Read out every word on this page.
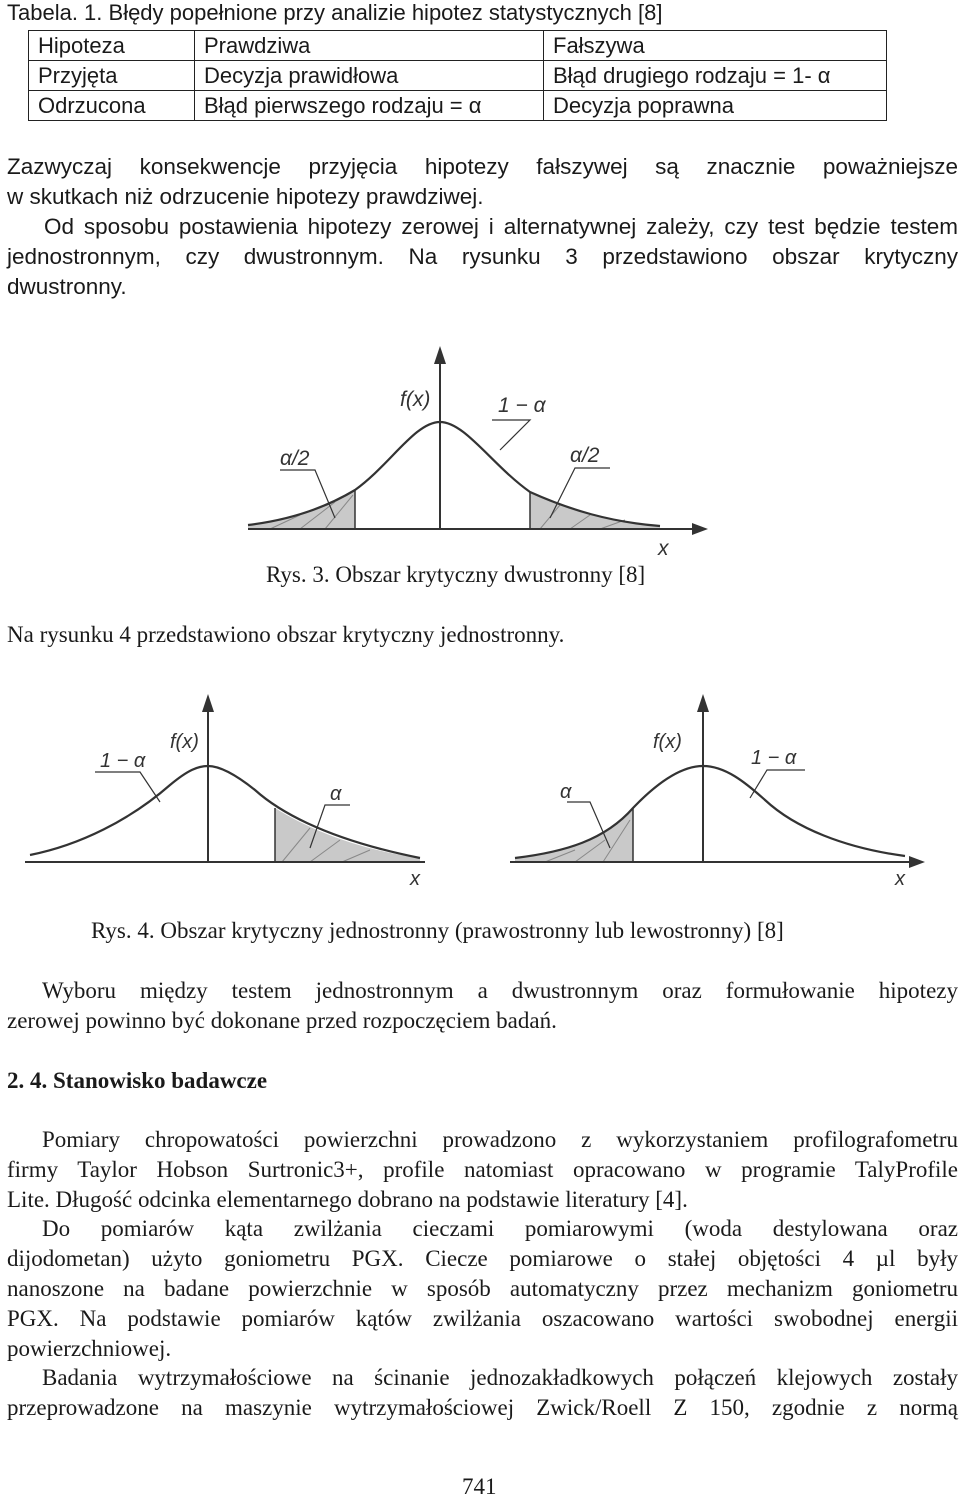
Tabela. 1. Błędy popełnione przy analizie hipotez statystycznych [8]
Hipoteza	Prawdziwa	Fałszywa
Przyjęta	Decyzja prawidłowa	Błąd drugiego rodzaju = 1- α
Odrzucona	Błąd pierwszego rodzaju = α	Decyzja poprawna
Zazwyczaj konsekwencje przyjęcia hipotezy fałszywej są znacznie poważniejsze
w skutkach niż odrzucenie hipotezy prawdziwej.
Od sposobu postawienia hipotezy zerowej i alternatywnej zależy, czy test będzie testem
jednostronnym, czy dwustronnym. Na rysunku 3 przedstawiono obszar krytyczny
dwustronny.
f(x)	1 − α
α/2	α/2
x
Rys. 3. Obszar krytyczny dwustronny [8]
Na rysunku 4 przedstawiono obszar krytyczny jednostronny.
1 − α
f(x)
α
x
f(x)
1 − α
α
x
Rys. 4. Obszar krytyczny jednostronny (prawostronny lub lewostronny) [8]
Wyboru między testem jednostronnym a dwustronnym oraz formułowanie hipotezy
zerowej powinno być dokonane przed rozpoczęciem badań.
2. 4. Stanowisko badawcze
Pomiary chropowatości powierzchni prowadzono z wykorzystaniem profilografometru
firmy Taylor Hobson Surtronic3+, profile natomiast opracowano w programie TalyProfile
Lite. Długość odcinka elementarnego dobrano na podstawie literatury [4].
Do pomiarów kąta zwilżania cieczami pomiarowymi (woda destylowana oraz
dijodometan) użyto goniometru PGX. Ciecze pomiarowe o stałej objętości 4 µl były
nanoszone na badane powierzchnie w sposób automatyczny przez mechanizm goniometru
PGX. Na podstawie pomiarów kątów zwilżania oszacowano wartości swobodnej energii
powierzchniowej.
Badania wytrzymałościowe na ścinanie jednozakładkowych połączeń klejowych zostały
przeprowadzone na maszynie wytrzymałościowej Zwick/Roell Z 150, zgodnie z normą
741
